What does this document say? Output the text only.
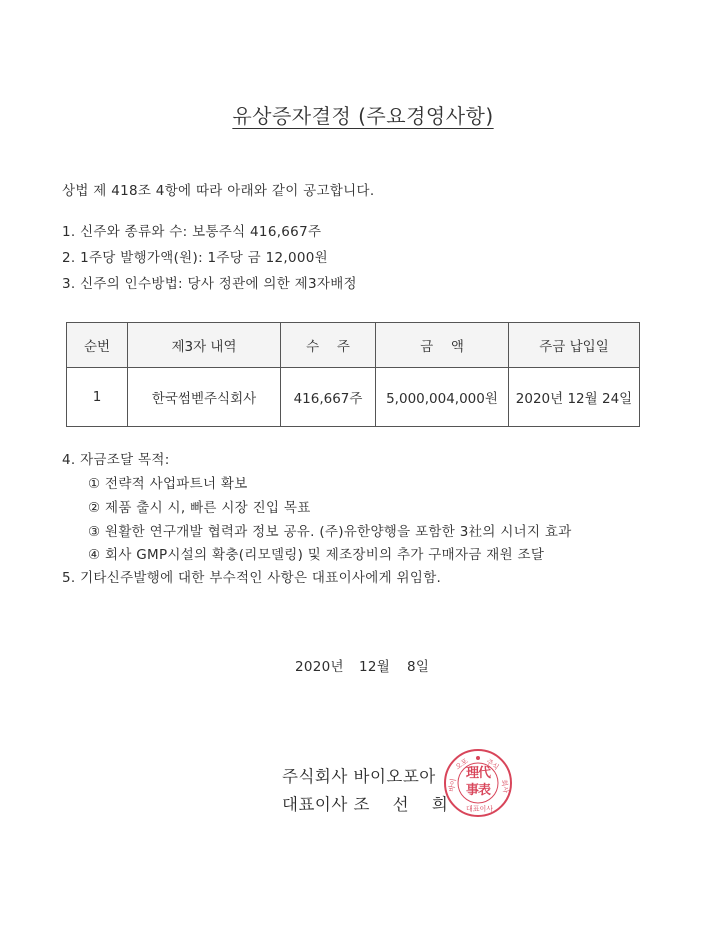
유상증자결정 (주요경영사항)
상법 제 418조 4항에 따라 아래와 같이 공고합니다.
1. 신주와 종류와 수: 보통주식 416,667주
2. 1주당 발행가액(원): 1주당 금 12,000원
3. 신주의 인수방법: 당사 정관에 의한 제3자배정
순번	제3자 내역	수　 주	금　 액	주금 납입일
1	한국썸벧주식회사	416,667주	5,000,004,000원	2020년 12월 24일
4. 자금조달 목적:
① 전략적 사업파트너 확보
② 제품 출시 시, 빠른 시장 진입 목표
③ 원활한 연구개발 협력과 정보 공유. (주)유한양행을 포함한 3社의 시너지 효과
④ 회사 GMP시설의 확충(리모델링) 및 제조장비의 추가 구매자금 재원 조달
5. 기타신주발행에 대한 부수적인 사항은 대표이사에게 위임함.
2020년 12월 8일
주식회사 바이오포아
대표이사 조　 선　 희
오포 주식
바이	회사
대표이사
理代
事表
